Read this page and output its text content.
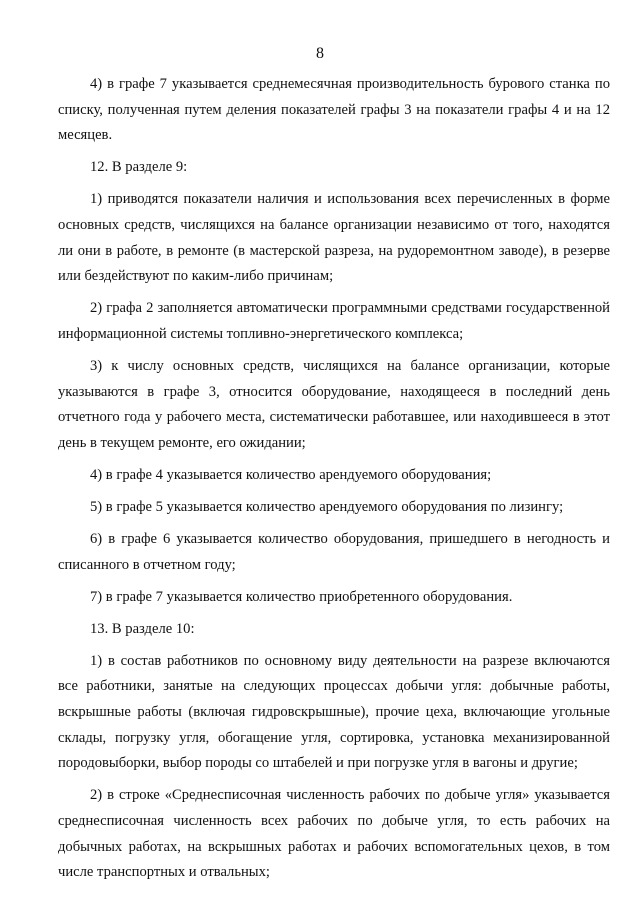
8

4) в графе 7 указывается среднемесячная производительность бурового станка по списку, полученная путем деления показателей графы 3 на показатели графы 4 и на 12 месяцев.

12. В разделе 9:

1) приводятся показатели наличия и использования всех перечисленных в форме основных средств, числящихся на балансе организации независимо от того, находятся ли они в работе, в ремонте (в мастерской разреза, на рудоремонтном заводе), в резерве или бездействуют по каким-либо причинам;

2) графа 2 заполняется автоматически программными средствами государственной информационной системы топливно-энергетического комплекса;

3) к числу основных средств, числящихся на балансе организации, которые указываются в графе 3, относится оборудование, находящееся в последний день отчетного года у рабочего места, систематически работавшее, или находившееся в этот день в текущем ремонте, его ожидании;

4) в графе 4 указывается количество арендуемого оборудования;

5) в графе 5 указывается количество арендуемого оборудования по лизингу;

6) в графе 6 указывается количество оборудования, пришедшего в негодность и списанного в отчетном году;

7) в графе 7 указывается количество приобретенного оборудования.

13. В разделе 10:

1) в состав работников по основному виду деятельности на разрезе включаются все работники, занятые на следующих процессах добычи угля: добычные работы, вскрышные работы (включая гидровскрышные), прочие цеха, включающие угольные склады, погрузку угля, обогащение угля, сортировка, установка механизированной породовыборки, выбор породы со штабелей и при погрузке угля в вагоны и другие;

2) в строке «Среднесписочная численность рабочих по добыче угля» указывается среднесписочная численность всех рабочих по добыче угля, то есть рабочих на добычных работах, на вскрышных работах и рабочих вспомогательных цехов, в том числе транспортных и отвальных;
